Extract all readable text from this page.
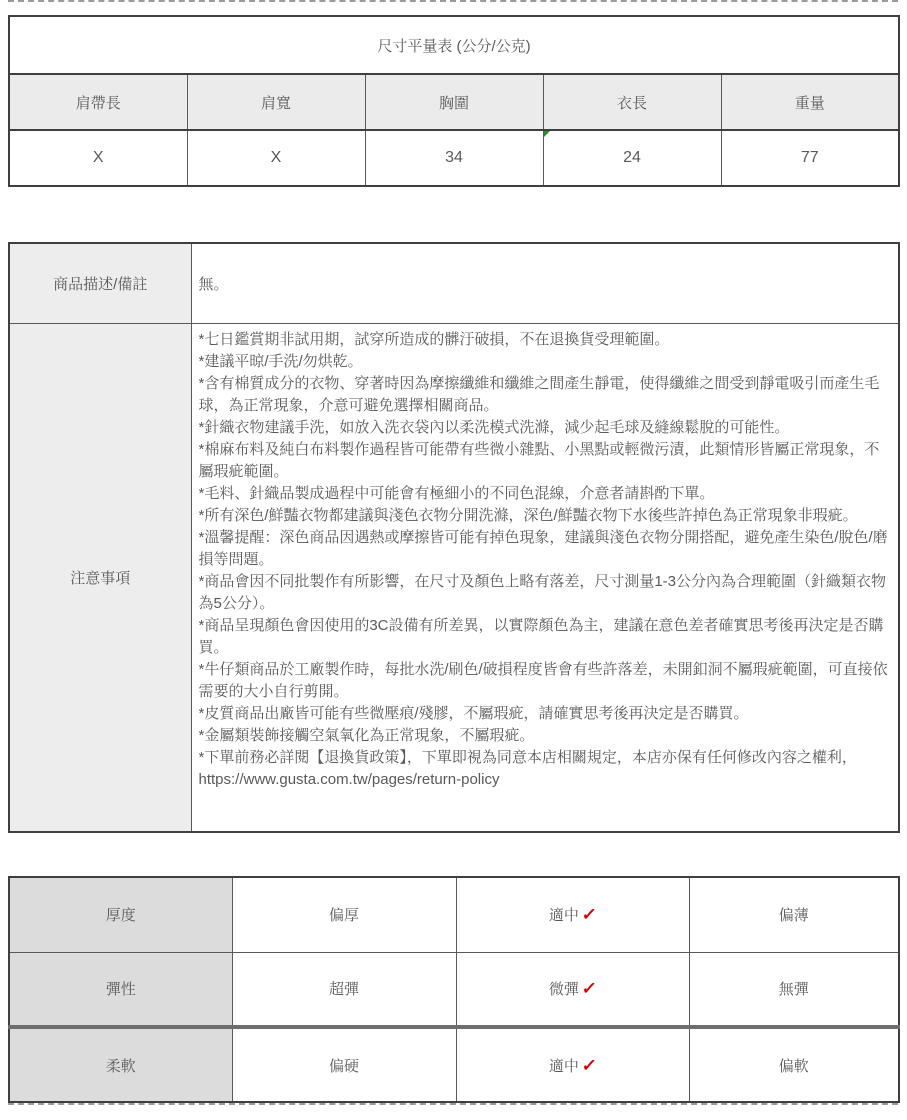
尺寸平量表 (公分/公克)				
肩帶長	肩寬	胸圍	衣長	重量
X	X	34	24	77
商品描述/備註	無。
注意事項	

*七日鑑賞期非試用期，試穿所造成的髒汙破損，不在退換貨受理範圍。

*建議平晾/手洗/勿烘乾。

*含有棉質成分的衣物、穿著時因為摩擦纖維和纖維之間產生靜電，使得纖維之間受到靜電吸引而產生毛球，為正常現象，介意可避免選擇相關商品。

*針織衣物建議手洗，如放入洗衣袋內以柔洗模式洗滌，減少起毛球及縫線鬆脫的可能性。

*棉麻布料及純白布料製作過程皆可能帶有些微小雜點、小黑點或輕微污漬，此類情形皆屬正常現象，不屬瑕疵範圍。

*毛料、針織品製成過程中可能會有極細小的不同色混線，介意者請斟酌下單。

*所有深色/鮮豔衣物都建議與淺色衣物分開洗滌，深色/鮮豔衣物下水後些許掉色為正常現象非瑕疵。

*溫馨提醒：深色商品因遇熱或摩擦皆可能有掉色現象，建議與淺色衣物分開搭配，避免產生染色/脫色/磨損等問題。

*商品會因不同批製作有所影響，在尺寸及顏色上略有落差，尺寸測量1-3公分內為合理範圍（針織類衣物為5公分）。

*商品呈現顏色會因使用的3C設備有所差異，以實際顏色為主，建議在意色差者確實思考後再決定是否購買。

*牛仔類商品於工廠製作時，每批水洗/刷色/破損程度皆會有些許落差，未開釦洞不屬瑕疵範圍，可直接依需要的大小自行剪開。

*皮質商品出廠皆可能有些微壓痕/殘膠，不屬瑕疵，請確實思考後再決定是否購買。

*金屬類裝飾接觸空氣氧化為正常現象，不屬瑕疵。

*下單前務必詳閱【退換貨政策】，下單即視為同意本店相關規定，本店亦保有任何修改內容之權利，https://www.gusta.com.tw/pages/return-policy

厚度	偏厚	適中 ✓	偏薄
彈性	超彈	微彈 ✓	無彈
柔軟	偏硬	適中 ✓	偏軟
